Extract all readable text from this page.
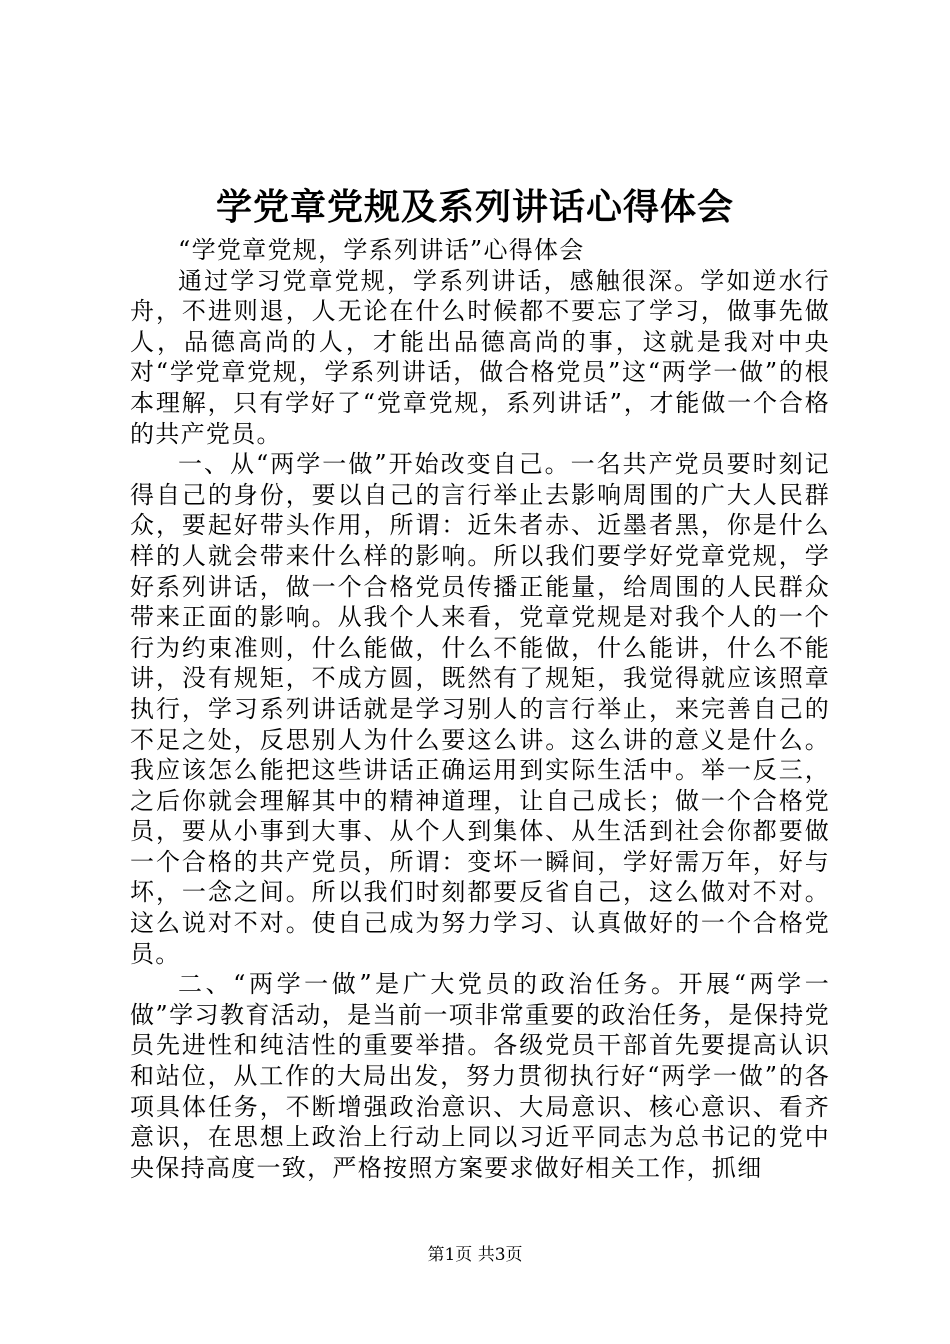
学党章党规及系列讲话心得体会

“学党章党规，学系列讲话”心得体会

通过学习党章党规，学系列讲话，感触很深。学如逆水行舟，不进则退，人无论在什么时候都不要忘了学习，做事先做人，品德高尚的人，才能出品德高尚的事，这就是我对中央对“学党章党规，学系列讲话，做合格党员”这“两学一做”的根本理解，只有学好了“党章党规，系列讲话”，才能做一个合格的共产党员。

一、从“两学一做”开始改变自己。一名共产党员要时刻记得自己的身份，要以自己的言行举止去影响周围的广大人民群众，要起好带头作用，所谓：近朱者赤、近墨者黑，你是什么样的人就会带来什么样的影响。所以我们要学好党章党规，学好系列讲话，做一个合格党员传播正能量，给周围的人民群众带来正面的影响。从我个人来看，党章党规是对我个人的一个行为约束准则，什么能做，什么不能做，什么能讲，什么不能讲，没有规矩，不成方圆，既然有了规矩，我觉得就应该照章执行，学习系列讲话就是学习别人的言行举止，来完善自己的不足之处，反思别人为什么要这么讲。这么讲的意义是什么。我应该怎么能把这些讲话正确运用到实际生活中。举一反三，之后你就会理解其中的精神道理，让自己成长；做一个合格党员，要从小事到大事、从个人到集体、从生活到社会你都要做一个合格的共产党员，所谓：变坏一瞬间，学好需万年，好与坏，一念之间。所以我们时刻都要反省自己，这么做对不对。这么说对不对。使自己成为努力学习、认真做好的一个合格党员。

二、“两学一做”是广大党员的政治任务。开展“两学一做”学习教育活动，是当前一项非常重要的政治任务，是保持党员先进性和纯洁性的重要举措。各级党员干部首先要提高认识和站位，从工作的大局出发，努力贯彻执行好“两学一做”的各项具体任务，不断增强政治意识、大局意识、核心意识、看齐意识，在思想上政治上行动上同以习近平同志为总书记的党中央保持高度一致，严格按照方案要求做好相关工作，抓细

第1页 共3页
